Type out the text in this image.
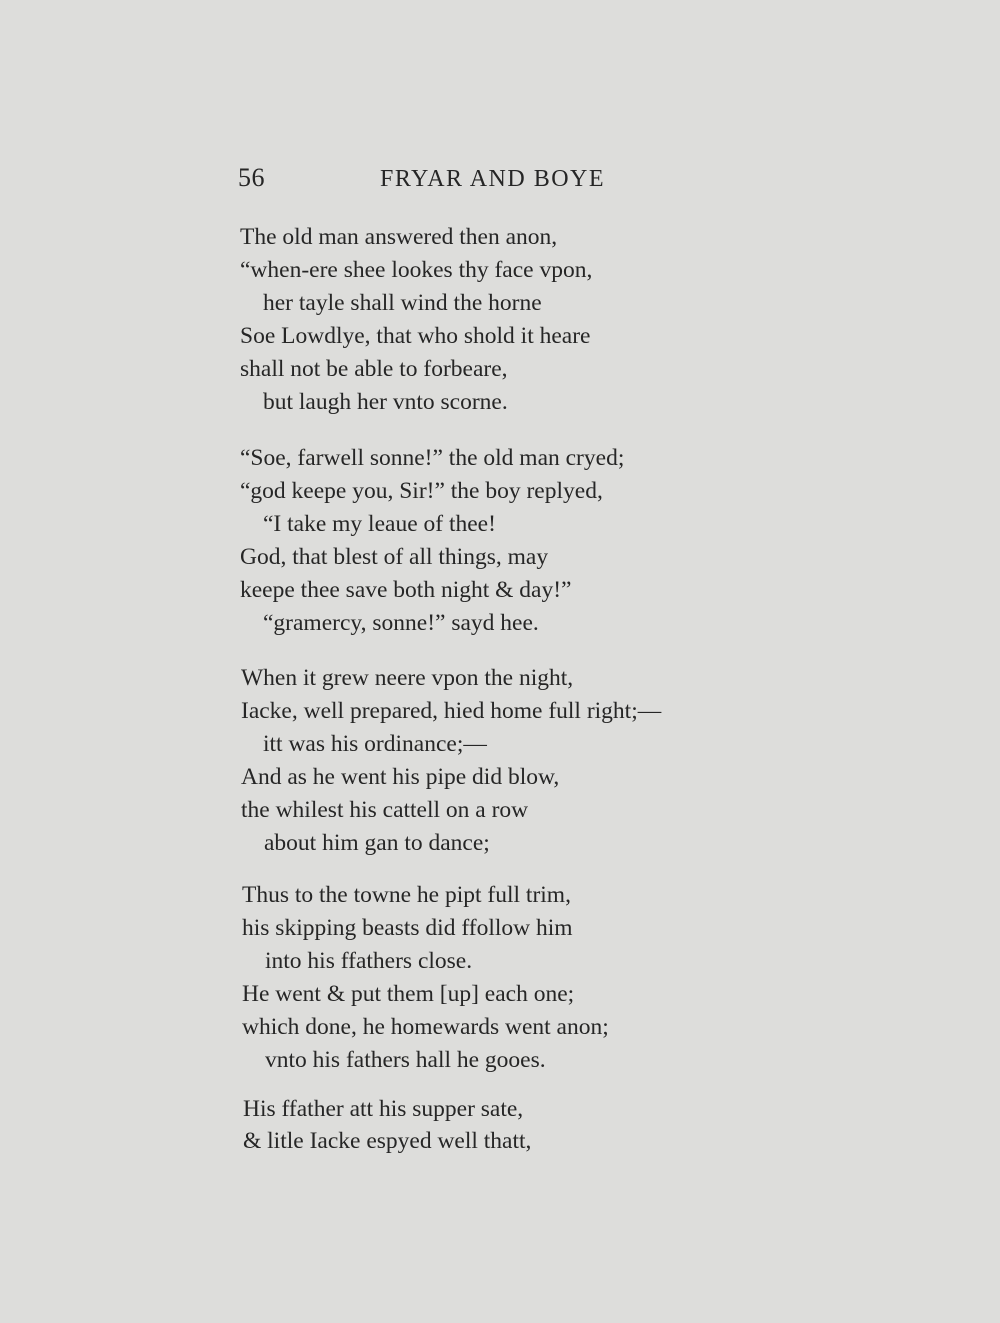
56	FRYAR AND BOYE
The old man answered then anon,
“when-ere shee lookes thy face vpon,
her tayle shall wind the horne
Soe Lowdlye, that who shold it heare
shall not be able to forbeare,
but laugh her vnto scorne.
“Soe, farwell sonne!” the old man cryed;
“god keepe you, Sir!” the boy replyed,
“I take my leaue of thee!
God, that blest of all things, may
keepe thee save both night & day!”
“gramercy, sonne!” sayd hee.
When it grew neere vpon the night,
Iacke, well prepared, hied home full right;—
itt was his ordinance;—
And as he went his pipe did blow,
the whilest his cattell on a row
about him gan to dance;
Thus to the towne he pipt full trim,
his skipping beasts did ffollow him
into his ffathers close.
He went & put them [up] each one;
which done, he homewards went anon;
vnto his fathers hall he gooes.
His ffather att his supper sate,
& litle Iacke espyed well thatt,
